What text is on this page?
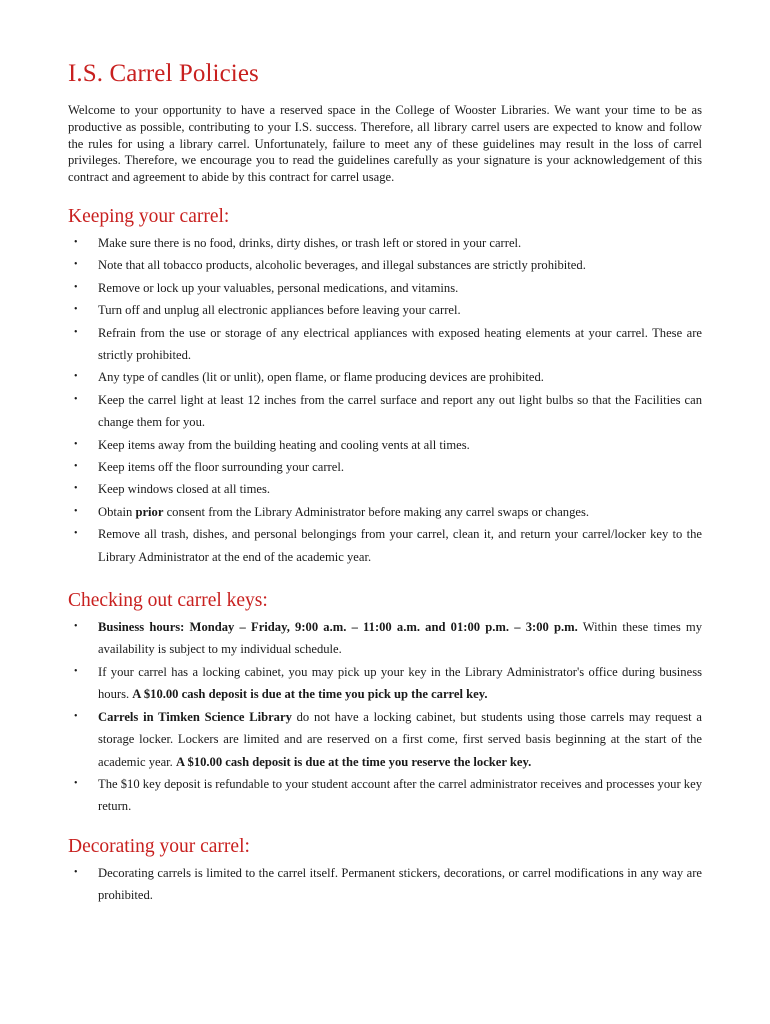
I.S. Carrel Policies

Welcome to your opportunity to have a reserved space in the College of Wooster Libraries. We want your time to be as productive as possible, contributing to your I.S. success. Therefore, all library carrel users are expected to know and follow the rules for using a library carrel. Unfortunately, failure to meet any of these guidelines may result in the loss of carrel privileges. Therefore, we encourage you to read the guidelines carefully as your signature is your acknowledgement of this contract and agreement to abide by this contract for carrel usage.

Keeping your carrel:
• Make sure there is no food, drinks, dirty dishes, or trash left or stored in your carrel.
• Note that all tobacco products, alcoholic beverages, and illegal substances are strictly prohibited.
• Remove or lock up your valuables, personal medications, and vitamins.
• Turn off and unplug all electronic appliances before leaving your carrel.
• Refrain from the use or storage of any electrical appliances with exposed heating elements at your carrel. These are strictly prohibited.
• Any type of candles (lit or unlit), open flame, or flame producing devices are prohibited.
• Keep the carrel light at least 12 inches from the carrel surface and report any out light bulbs so that the Facilities can change them for you.
• Keep items away from the building heating and cooling vents at all times.
• Keep items off the floor surrounding your carrel.
• Keep windows closed at all times.
• Obtain prior consent from the Library Administrator before making any carrel swaps or changes.
• Remove all trash, dishes, and personal belongings from your carrel, clean it, and return your carrel/locker key to the Library Administrator at the end of the academic year.
Checking out carrel keys:
• Business hours: Monday – Friday, 9:00 a.m. – 11:00 a.m. and 01:00 p.m. – 3:00 p.m. Within these times my availability is subject to my individual schedule.
• If your carrel has a locking cabinet, you may pick up your key in the Library Administrator's office during business hours. A $10.00 cash deposit is due at the time you pick up the carrel key.
• Carrels in Timken Science Library do not have a locking cabinet, but students using those carrels may request a storage locker. Lockers are limited and are reserved on a first come, first served basis beginning at the start of the academic year. A $10.00 cash deposit is due at the time you reserve the locker key.
• The $10 key deposit is refundable to your student account after the carrel administrator receives and processes your key return.
Decorating your carrel:
• Decorating carrels is limited to the carrel itself. Permanent stickers, decorations, or carrel modifications in any way are prohibited.
